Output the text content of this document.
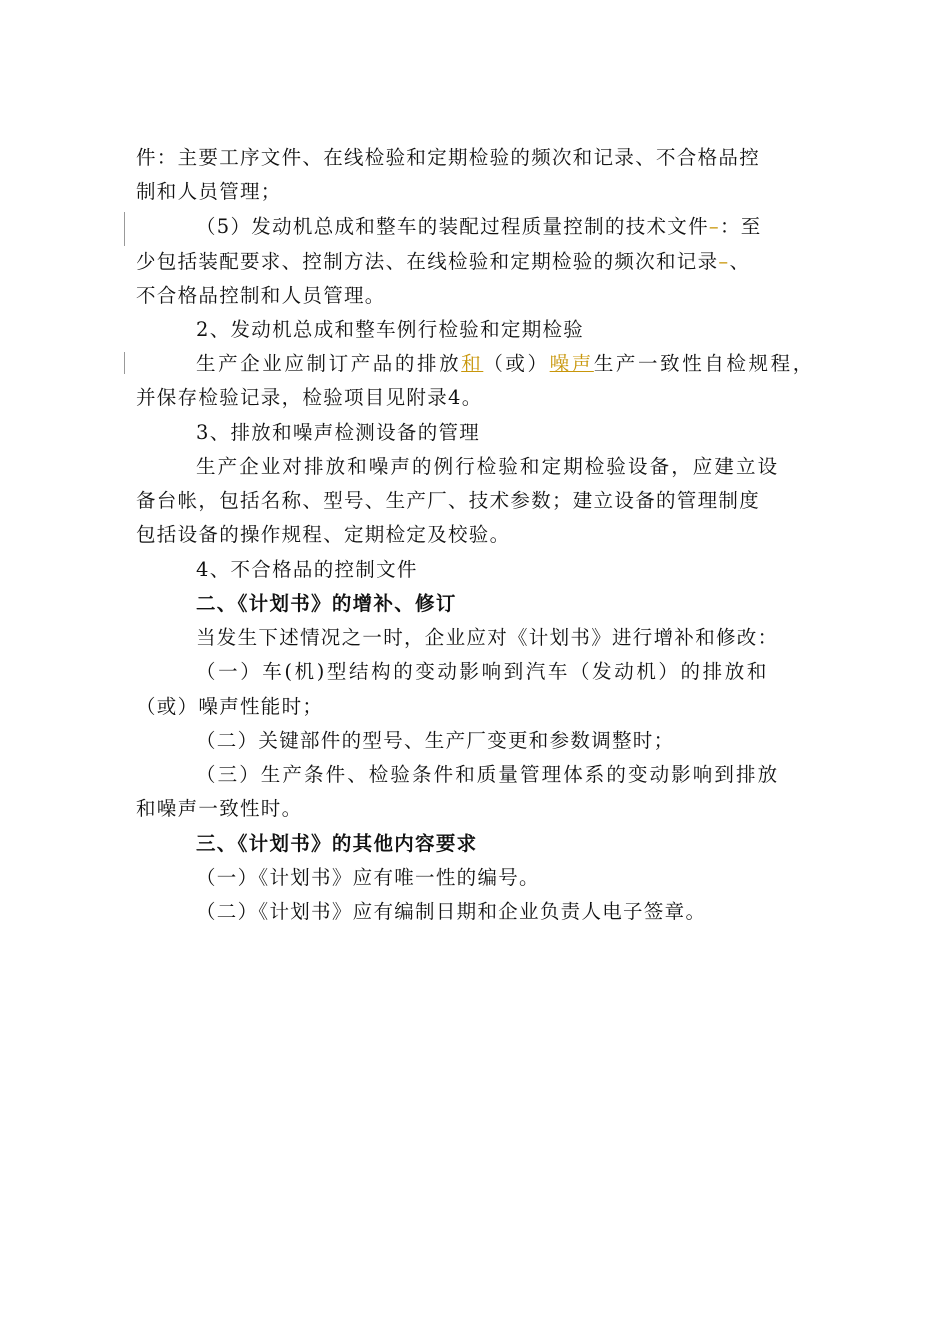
件：主要工序文件、在线检验和定期检验的频次和记录、不合格品控
制和人员管理；
（5）发动机总成和整车的装配过程质量控制的技术文件–：至
少包括装配要求、控制方法、在线检验和定期检验的频次和记录–、
不合格品控制和人员管理。
2、发动机总成和整车例行检验和定期检验
生产企业应制订产品的排放和（或）噪声生产一致性自检规程，
并保存检验记录，检验项目见附录4。
3、排放和噪声检测设备的管理
生产企业对排放和噪声的例行检验和定期检验设备，应建立设
备台帐，包括名称、型号、生产厂、技术参数；建立设备的管理制度
包括设备的操作规程、定期检定及校验。
4、不合格品的控制文件
二、《计划书》的增补、修订
当发生下述情况之一时，企业应对《计划书》进行增补和修改：
（一）车(机)型结构的变动影响到汽车（发动机）的排放和
（或）噪声性能时；
（二）关键部件的型号、生产厂变更和参数调整时；
（三）生产条件、检验条件和质量管理体系的变动影响到排放
和噪声一致性时。
三、《计划书》的其他内容要求
（一）《计划书》应有唯一性的编号。
（二）《计划书》应有编制日期和企业负责人电子签章。
